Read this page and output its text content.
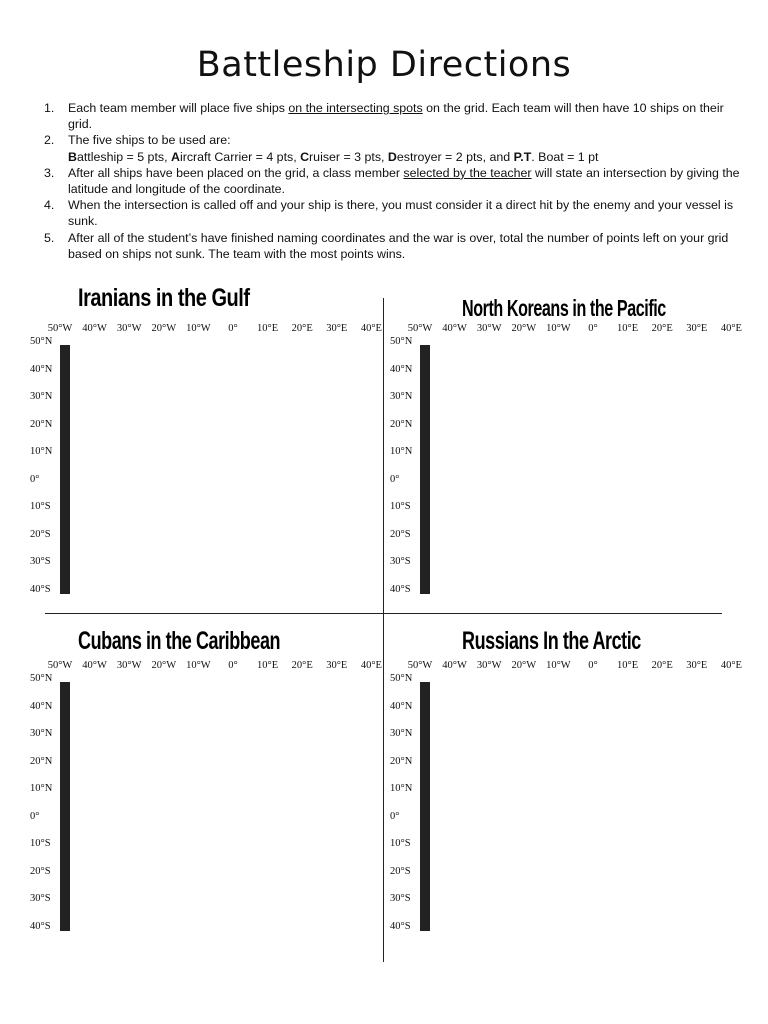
Battleship Directions
1. Each team member will place five ships on the intersecting spots on the grid. Each team will then have 10 ships on their grid.
2. The five ships to be used are:
Battleship = 5 pts, Aircraft Carrier = 4 pts, Cruiser = 3 pts, Destroyer = 2 pts, and P.T. Boat = 1 pt
3. After all ships have been placed on the grid, a class member selected by the teacher will state an intersection by giving the latitude and longitude of the coordinate.
4. When the intersection is called off and your ship is there, you must consider it a direct hit by the enemy and your vessel is sunk.
5. After all of the student’s have finished naming coordinates and the war is over, total the number of points left on your grid based on ships not sunk. The team with the most points wins.
Iranians in the Gulf	North Koreans in the Pacific
Cubans in the Caribbean	Russians In the Arctic

50°W 40°W 30°W 20°W 10°W 0° 10°E 20°E 30°E 40°E
50°N
40°N
30°N
20°N
10°N
0°
10°S
20°S
30°S
40°S

50°W 40°W 30°W 20°W 10°W 0° 10°E 20°E 30°E 40°E
50°N
40°N
30°N
20°N
10°N
0°
10°S
20°S
30°S
40°S

50°W 40°W 30°W 20°W 10°W 0° 10°E 20°E 30°E 40°E
50°N
40°N
30°N
20°N
10°N
0°
10°S
20°S
30°S
40°S

50°W 40°W 30°W 20°W 10°W 0° 10°E 20°E 30°E 40°E
50°N
40°N
30°N
20°N
10°N
0°
10°S
20°S
30°S
40°S
